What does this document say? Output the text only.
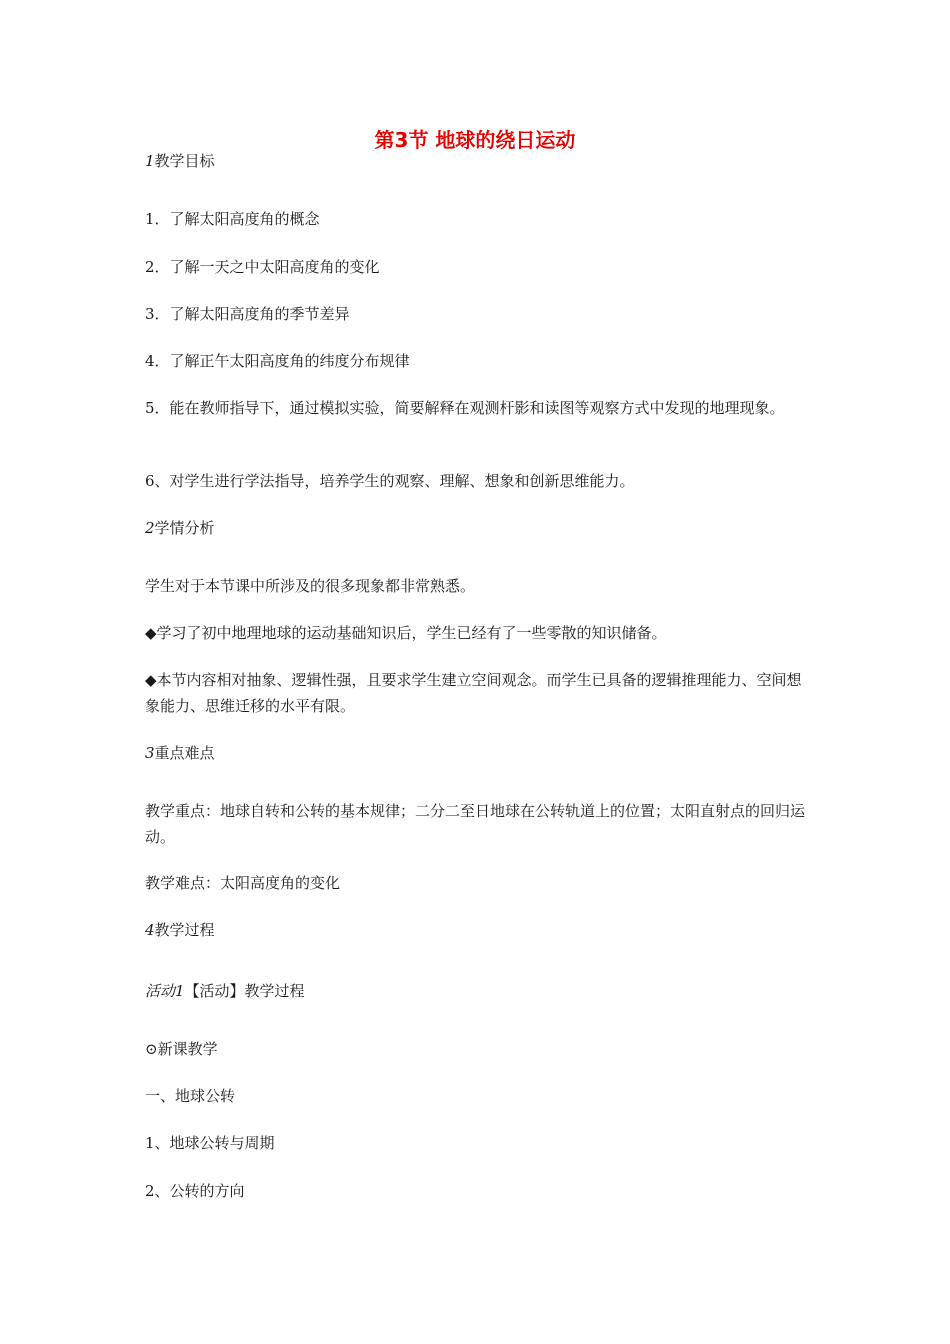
第3节 地球的绕日运动
1教学目标
1．了解太阳高度角的概念
2．了解一天之中太阳高度角的变化
3．了解太阳高度角的季节差异
4．了解正午太阳高度角的纬度分布规律
5．能在教师指导下，通过模拟实验，简要解释在观测杆影和读图等观察方式中发现的地理现象。
6、对学生进行学法指导，培养学生的观察、理解、想象和创新思维能力。
2学情分析
学生对于本节课中所涉及的很多现象都非常熟悉。
◆学习了初中地理地球的运动基础知识后，学生已经有了一些零散的知识储备。
◆本节内容相对抽象、逻辑性强，且要求学生建立空间观念。而学生已具备的逻辑推理能力、空间想象能力、思维迁移的水平有限。
3重点难点
教学重点：地球自转和公转的基本规律；二分二至日地球在公转轨道上的位置；太阳直射点的回归运动。
教学难点：太阳高度角的变化
4教学过程
活动1【活动】教学过程
⊙新课教学
一、地球公转
1、地球公转与周期
2、公转的方向
